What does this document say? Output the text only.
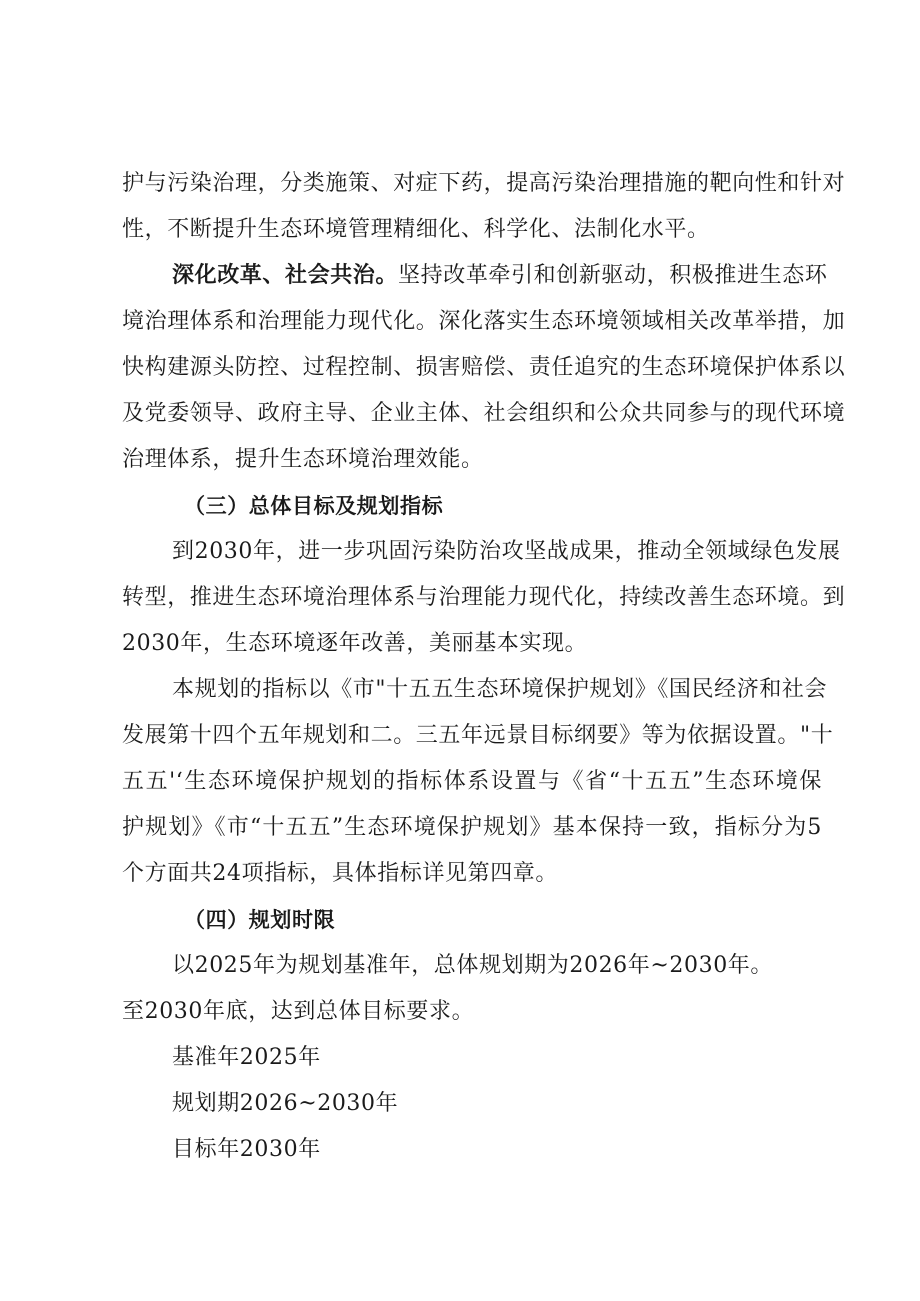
护与污染治理，分类施策、对症下药，提高污染治理措施的靶向性和针对
性，不断提升生态环境管理精细化、科学化、法制化水平。
深化改革、社会共治。坚持改革牵引和创新驱动，积极推进生态环
境治理体系和治理能力现代化。深化落实生态环境领域相关改革举措，加
快构建源头防控、过程控制、损害赔偿、责任追究的生态环境保护体系以
及党委领导、政府主导、企业主体、社会组织和公众共同参与的现代环境
治理体系，提升生态环境治理效能。
（三）总体目标及规划指标
到2030年，进一步巩固污染防治攻坚战成果，推动全领域绿色发展
转型，推进生态环境治理体系与治理能力现代化，持续改善生态环境。到
2030年，生态环境逐年改善，美丽基本实现。
本规划的指标以《市"十五五生态环境保护规划》《国民经济和社会
发展第十四个五年规划和二。三五年远景目标纲要》等为依据设置。"十
五五'‘生态环境保护规划的指标体系设置与《省“十五五”生态环境保
护规划》《市“十五五”生态环境保护规划》基本保持一致，指标分为5
个方面共24项指标，具体指标详见第四章。
（四）规划时限
以2025年为规划基准年，总体规划期为2026年~2030年。
至2030年底，达到总体目标要求。
基准年2025年
规划期2026~2030年
目标年2030年
